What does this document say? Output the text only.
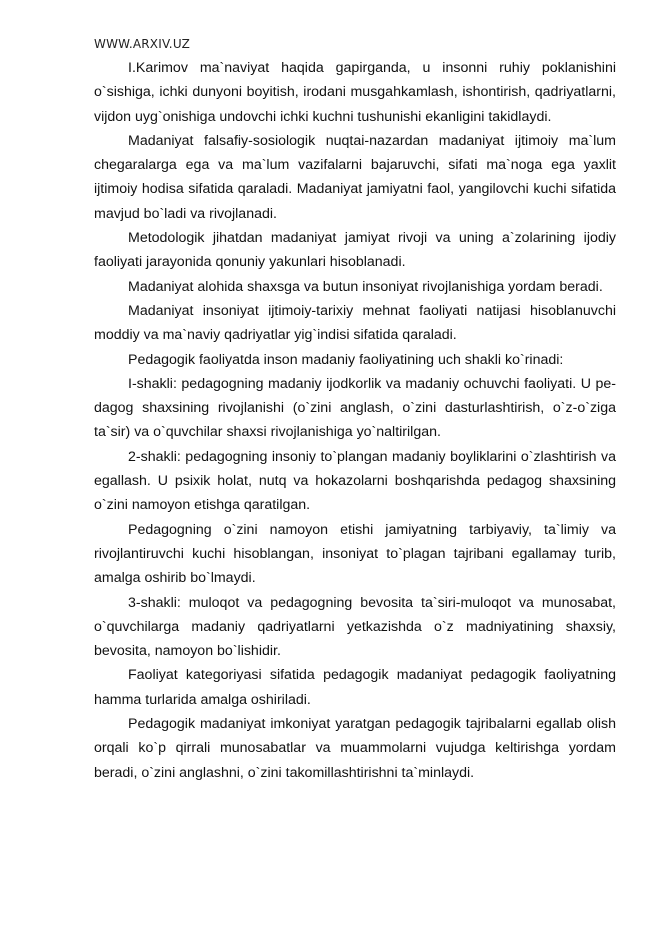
WWW.ARXIV.UZ

I.Karimov ma`naviyat haqida gapirganda, u insonni ruhiy poklanishini o`sishiga, ichki dunyoni boyitish, irodani musgahkamlash, ishontirish, qadriyatlarni, vijdon uyg`onishiga undovchi ichki kuchni tushunishi ekanligini takidlaydi.

Madaniyat falsafiy-sosiologik nuqtai-nazardan madaniyat ijtimoiy ma`lum chegaralarga ega va ma`lum vazifalarni bajaruvchi, sifati ma`noga ega yaxlit ijtimoiy hodisa sifatida qaraladi. Madaniyat jamiyatni faol, yangilovchi kuchi sifatida mavjud bo`ladi va rivojlanadi.

Metodologik jihatdan madaniyat jamiyat rivoji va uning a`zolarining ijodiy faoliyati jarayonida qonuniy yakunlari hisoblanadi.

Madaniyat alohida shaxsga va butun insoniyat rivojlanishiga yordam beradi.

Madaniyat insoniyat ijtimoiy-tarixiy mehnat faoliyati natijasi hisoblanuvchi moddiy va ma`naviy qadriyatlar yig`indisi sifatida qaraladi.

Pedagogik faoliyatda inson madaniy faoliyatining uch shakli ko`rinadi:

I-shakli: pedagogning madaniy ijodkorlik va madaniy ochuvchi faoliyati. U pe-dagog shaxsining rivojlanishi (o`zini anglash, o`zini dasturlashtirish, o`z-o`ziga ta`sir) va o`quvchilar shaxsi rivojlanishiga yo`naltirilgan.

2-shakli: pedagogning insoniy to`plangan madaniy boyliklarini o`zlashtirish va egallash. U psixik holat, nutq va hokazolarni boshqarishda pedagog shaxsining o`zini namoyon etishga qaratilgan.

Pedagogning o`zini namoyon etishi jamiyatning tarbiyaviy, ta`limiy va rivojlantiruvchi kuchi hisoblangan, insoniyat to`plagan tajribani egallamay turib, amalga oshirib bo`lmaydi.

3-shakli: muloqot va pedagogning bevosita ta`siri-muloqot va munosabat, o`quvchilarga madaniy qadriyatlarni yetkazishda o`z madniyatining shaxsiy, bevosita, namoyon bo`lishidir.

Faoliyat kategoriyasi sifatida pedagogik madaniyat pedagogik faoliyatning hamma turlarida amalga oshiriladi.

Pedagogik madaniyat imkoniyat yaratgan pedagogik tajribalarni egallab olish orqali ko`p qirrali munosabatlar va muammolarni vujudga keltirishga yordam beradi, o`zini anglashni, o`zini takomillashtirishni ta`minlaydi.
